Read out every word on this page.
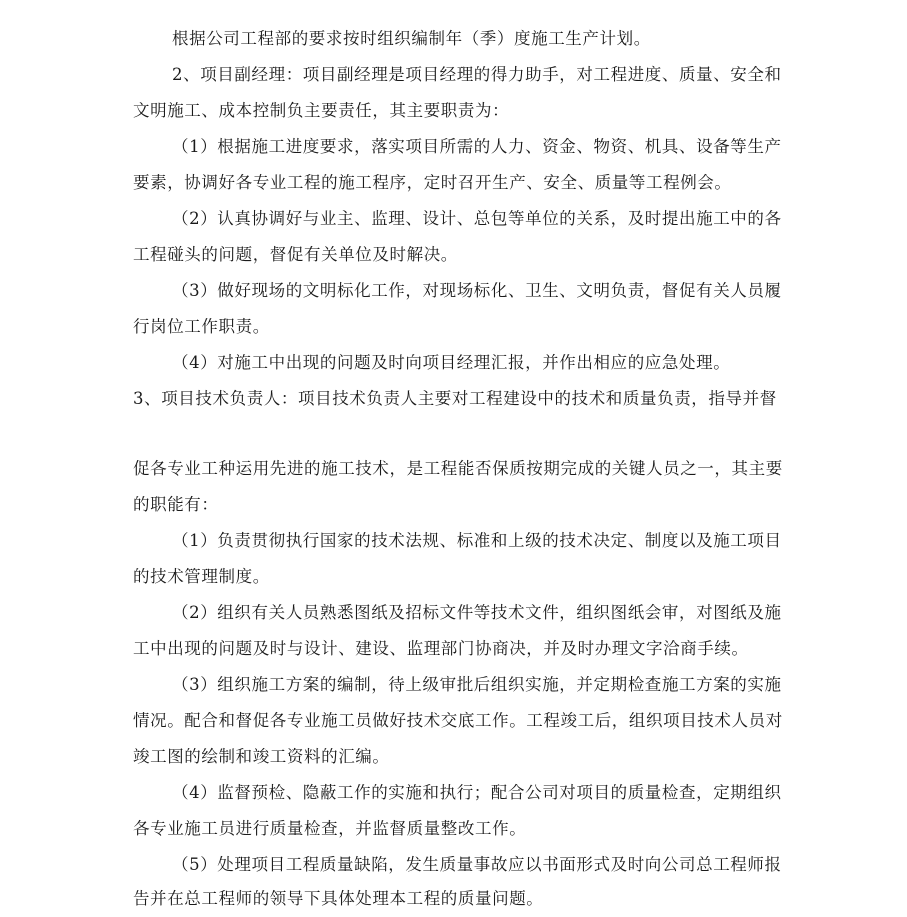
根据公司工程部的要求按时组织编制年（季）度施工生产计划。
2、项目副经理：项目副经理是项目经理的得力助手，对工程进度、质量、安全和
文明施工、成本控制负主要责任，其主要职责为：
（1）根据施工进度要求，落实项目所需的人力、资金、物资、机具、设备等生产
要素，协调好各专业工程的施工程序，定时召开生产、安全、质量等工程例会。
（2）认真协调好与业主、监理、设计、总包等单位的关系，及时提出施工中的各
工程碰头的问题，督促有关单位及时解决。
（3）做好现场的文明标化工作，对现场标化、卫生、文明负责，督促有关人员履
行岗位工作职责。
（4）对施工中出现的问题及时向项目经理汇报，并作出相应的应急处理。
3、项目技术负责人：项目技术负责人主要对工程建设中的技术和质量负责，指导并督
促各专业工种运用先进的施工技术，是工程能否保质按期完成的关键人员之一，其主要
的职能有：
（1）负责贯彻执行国家的技术法规、标准和上级的技术决定、制度以及施工项目
的技术管理制度。
（2）组织有关人员熟悉图纸及招标文件等技术文件，组织图纸会审，对图纸及施
工中出现的问题及时与设计、建设、监理部门协商决，并及时办理文字洽商手续。
（3）组织施工方案的编制，待上级审批后组织实施，并定期检查施工方案的实施
情况。配合和督促各专业施工员做好技术交底工作。工程竣工后，组织项目技术人员对
竣工图的绘制和竣工资料的汇编。
（4）监督预检、隐蔽工作的实施和执行；配合公司对项目的质量检查，定期组织
各专业施工员进行质量检查，并监督质量整改工作。
（5）处理项目工程质量缺陷，发生质量事故应以书面形式及时向公司总工程师报
告并在总工程师的领导下具体处理本工程的质量问题。
